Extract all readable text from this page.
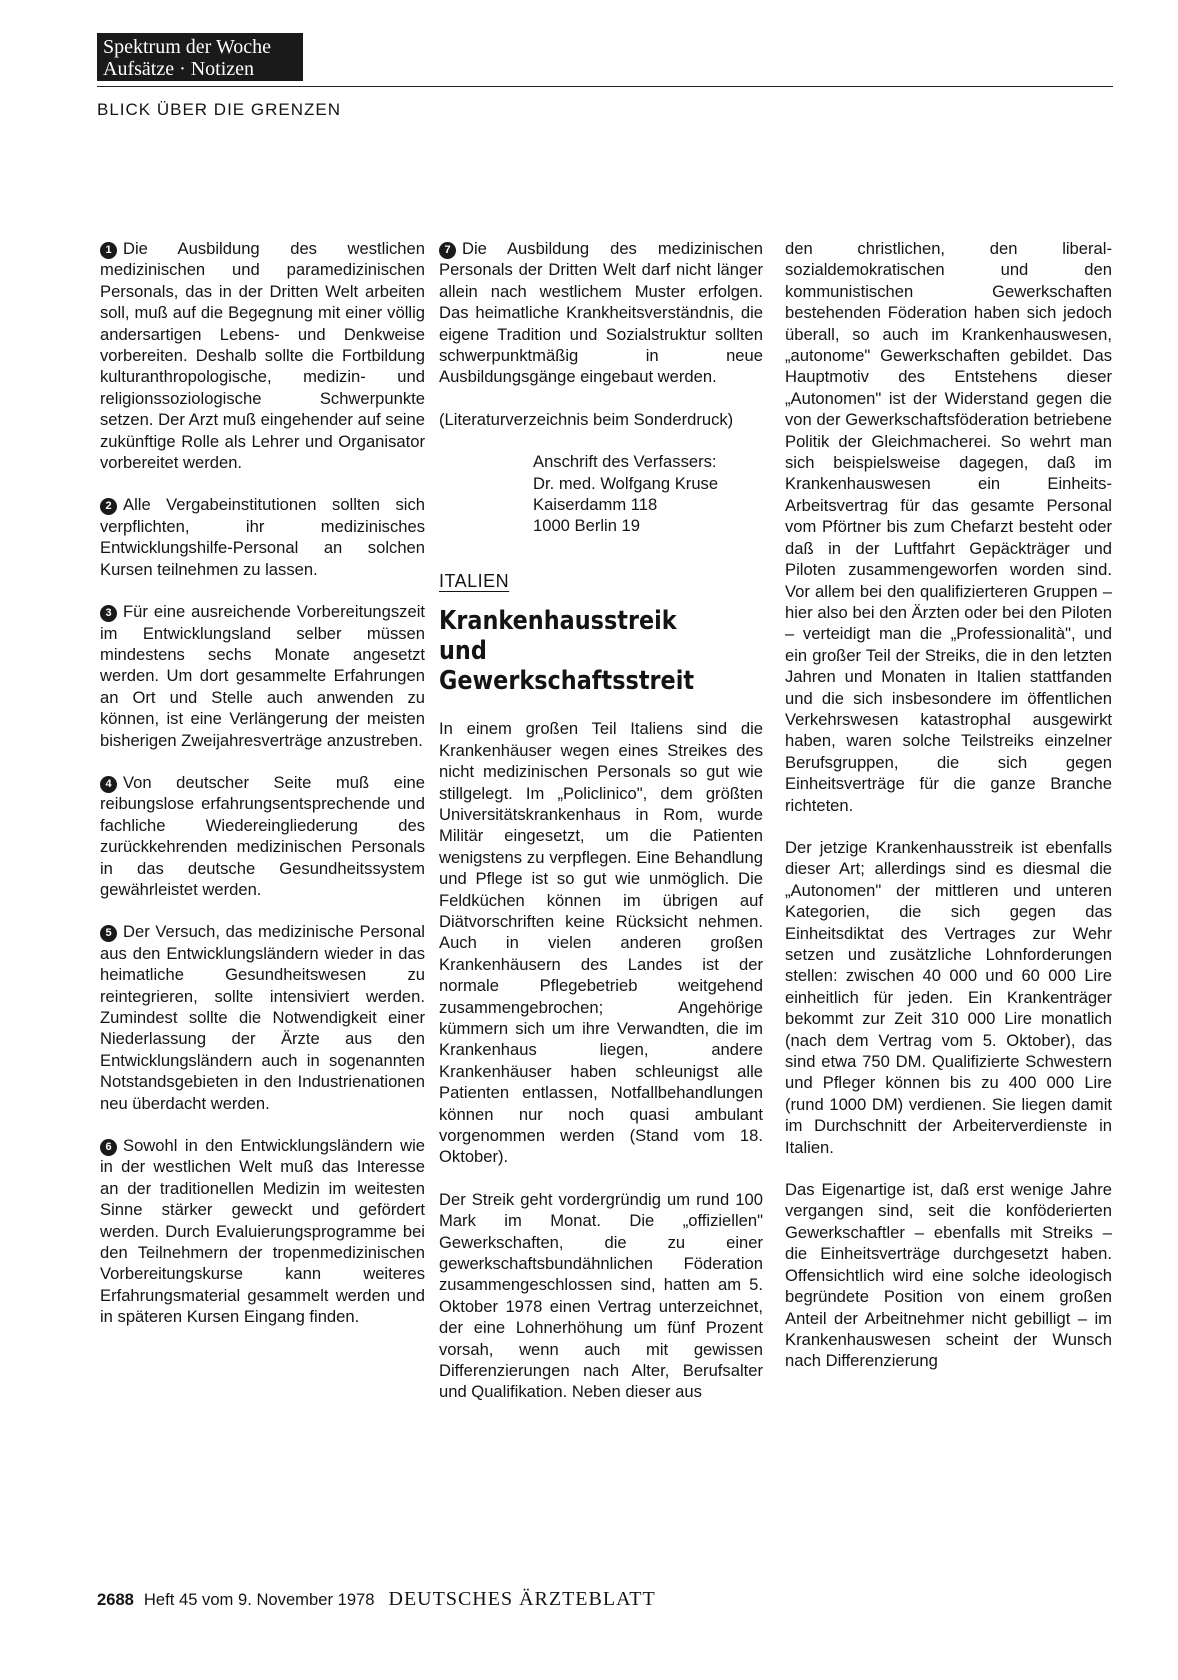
Spektrum der Woche
Aufsätze · Notizen
BLICK ÜBER DIE GRENZEN

1 Die Ausbildung des westlichen medizinischen und paramedizinischen Personals, das in der Dritten Welt arbeiten soll, muß auf die Begegnung mit einer völlig andersartigen Lebens- und Denkweise vorbereiten. Deshalb sollte die Fortbildung kulturanthropologische, medizin- und religionssoziologische Schwerpunkte setzen. Der Arzt muß eingehender auf seine zukünftige Rolle als Lehrer und Organisator vorbereitet werden.

2 Alle Vergabeinstitutionen sollten sich verpflichten, ihr medizinisches Entwicklungshilfe-Personal an solchen Kursen teilnehmen zu lassen.

3 Für eine ausreichende Vorbereitungszeit im Entwicklungsland selber müssen mindestens sechs Monate angesetzt werden. Um dort gesammelte Erfahrungen an Ort und Stelle auch anwenden zu können, ist eine Verlängerung der meisten bisherigen Zweijahresverträge anzustreben.

4 Von deutscher Seite muß eine reibungslose erfahrungsentsprechende und fachliche Wiedereingliederung des zurückkehrenden medizinischen Personals in das deutsche Gesundheitssystem gewährleistet werden.

5 Der Versuch, das medizinische Personal aus den Entwicklungsländern wieder in das heimatliche Gesundheitswesen zu reintegrieren, sollte intensiviert werden. Zumindest sollte die Notwendigkeit einer Niederlassung der Ärzte aus den Entwicklungsländern auch in sogenannten Notstandsgebieten in den Industrienationen neu überdacht werden.

6 Sowohl in den Entwicklungsländern wie in der westlichen Welt muß das Interesse an der traditionellen Medizin im weitesten Sinne stärker geweckt und gefördert werden. Durch Evaluierungsprogramme bei den Teilnehmern der tropenmedizinischen Vorbereitungskurse kann weiteres Erfahrungsmaterial gesammelt werden und in späteren Kursen Eingang finden.

7 Die Ausbildung des medizinischen Personals der Dritten Welt darf nicht länger allein nach westlichem Muster erfolgen. Das heimatliche Krankheitsverständnis, die eigene Tradition und Sozialstruktur sollten schwerpunktmäßig in neue Ausbildungsgänge eingebaut werden.

(Literaturverzeichnis beim Sonderdruck)

Anschrift des Verfassers:
Dr. med. Wolfgang Kruse
Kaiserdamm 118
1000 Berlin 19
ITALIEN
Krankenhausstreik
und
Gewerkschaftsstreit

In einem großen Teil Italiens sind die Krankenhäuser wegen eines Streikes des nicht medizinischen Personals so gut wie stillgelegt. Im „Policlinico", dem größten Universitätskrankenhaus in Rom, wurde Militär eingesetzt, um die Patienten wenigstens zu verpflegen. Eine Behandlung und Pflege ist so gut wie unmöglich. Die Feldküchen können im übrigen auf Diätvorschriften keine Rücksicht nehmen. Auch in vielen anderen großen Krankenhäusern des Landes ist der normale Pflegebetrieb weitgehend zusammengebrochen; Angehörige kümmern sich um ihre Verwandten, die im Krankenhaus liegen, andere Krankenhäuser haben schleunigst alle Patienten entlassen, Notfallbehandlungen können nur noch quasi ambulant vorgenommen werden (Stand vom 18. Oktober).

Der Streik geht vordergründig um rund 100 Mark im Monat. Die „offiziellen" Gewerkschaften, die zu einer gewerkschaftsbundähnlichen Föderation zusammengeschlossen sind, hatten am 5. Oktober 1978 einen Vertrag unterzeichnet, der eine Lohnerhöhung um fünf Prozent vorsah, wenn auch mit gewissen Differenzierungen nach Alter, Berufsalter und Qualifikation. Neben dieser aus

den christlichen, den liberal-sozialdemokratischen und den kommunistischen Gewerkschaften bestehenden Föderation haben sich jedoch überall, so auch im Krankenhauswesen, „autonome" Gewerkschaften gebildet. Das Hauptmotiv des Entstehens dieser „Autonomen" ist der Widerstand gegen die von der Gewerkschaftsföderation betriebene Politik der Gleichmacherei. So wehrt man sich beispielsweise dagegen, daß im Krankenhauswesen ein Einheits-Arbeitsvertrag für das gesamte Personal vom Pförtner bis zum Chefarzt besteht oder daß in der Luftfahrt Gepäckträger und Piloten zusammengeworfen worden sind. Vor allem bei den qualifizierteren Gruppen – hier also bei den Ärzten oder bei den Piloten – verteidigt man die „Professionalità", und ein großer Teil der Streiks, die in den letzten Jahren und Monaten in Italien stattfanden und die sich insbesondere im öffentlichen Verkehrswesen katastrophal ausgewirkt haben, waren solche Teilstreiks einzelner Berufsgruppen, die sich gegen Einheitsverträge für die ganze Branche richteten.

Der jetzige Krankenhausstreik ist ebenfalls dieser Art; allerdings sind es diesmal die „Autonomen" der mittleren und unteren Kategorien, die sich gegen das Einheitsdiktat des Vertrages zur Wehr setzen und zusätzliche Lohnforderungen stellen: zwischen 40 000 und 60 000 Lire einheitlich für jeden. Ein Krankenträger bekommt zur Zeit 310 000 Lire monatlich (nach dem Vertrag vom 5. Oktober), das sind etwa 750 DM. Qualifizierte Schwestern und Pfleger können bis zu 400 000 Lire (rund 1000 DM) verdienen. Sie liegen damit im Durchschnitt der Arbeiterverdienste in Italien.

Das Eigenartige ist, daß erst wenige Jahre vergangen sind, seit die konföderierten Gewerkschaftler – ebenfalls mit Streiks – die Einheitsverträge durchgesetzt haben. Offensichtlich wird eine solche ideologisch begründete Position von einem großen Anteil der Arbeitnehmer nicht gebilligt – im Krankenhauswesen scheint der Wunsch nach Differenzierung

2688 Heft 45 vom 9. November 1978 DEUTSCHES ÄRZTEBLATT
